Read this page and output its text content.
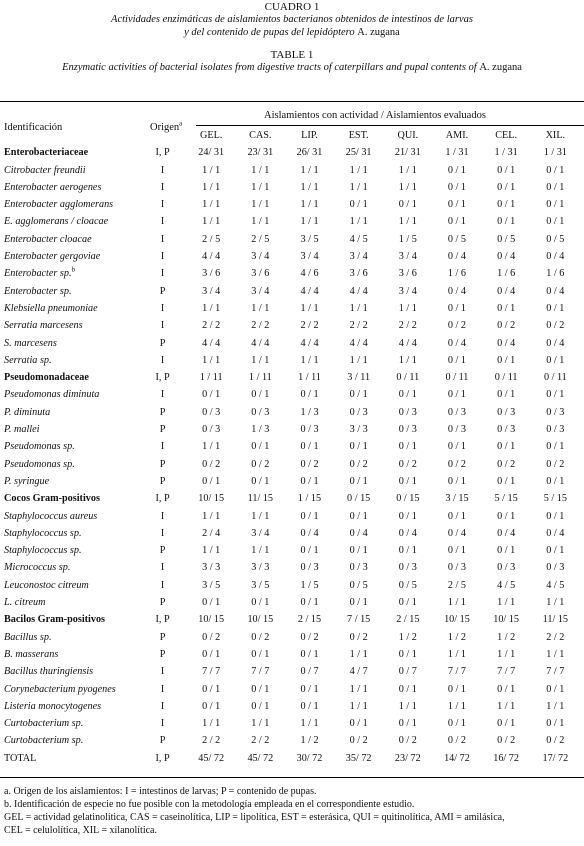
CUADRO 1
Actividades enzimáticas de aislamientos bacterianos obtenidos de intestinos de larvas
y del contenido de pupas del lepidóptero A. zugana
TABLE 1
Enzymatic activities of bacterial isolates from digestive tracts of caterpillars and pupal contents of A. zugana
Aislamientos con actividad / Aislamientos evaluados
Identificación	Origen$^a$
		GEL.	CAS.	LIP.	EST.	QUI.	AMI.	CEL.	XIL.
Enterobacteriaceae	I, P	24/ 31	23/ 31	26/ 31	25/ 31	21/ 31	1 / 31	1 / 31	1 / 31
Citrobacter freundii	I	1 / 1	1 / 1	1 / 1	1 / 1	1 / 1	0 / 1	0 / 1	0 / 1
Enterobacter aerogenes	I	1 / 1	1 / 1	1 / 1	1 / 1	1 / 1	0 / 1	0 / 1	0 / 1
Enterobacter agglomerans	I	1 / 1	1 / 1	1 / 1	0 / 1	0 / 1	0 / 1	0 / 1	0 / 1
E. agglomerans / cloacae	I	1 / 1	1 / 1	1 / 1	1 / 1	1 / 1	0 / 1	0 / 1	0 / 1
Enterobacter cloacae	I	2 / 5	2 / 5	3 / 5	4 / 5	1 / 5	0 / 5	0 / 5	0 / 5
Enterobacter gergoviae	I	4 / 4	3 / 4	3 / 4	3 / 4	3 / 4	0 / 4	0 / 4	0 / 4
Enterobacter sp.$^b$	I	3 / 6	3 / 6	4 / 6	3 / 6	3 / 6	1 / 6	1 / 6	1 / 6
Enterobacter sp.	P	3 / 4	3 / 4	4 / 4	4 / 4	3 / 4	0 / 4	0 / 4	0 / 4
Klebsiella pneumoniae	I	1 / 1	1 / 1	1 / 1	1 / 1	1 / 1	0 / 1	0 / 1	0 / 1
Serratia marcesens	I	2 / 2	2 / 2	2 / 2	2 / 2	2 / 2	0 / 2	0 / 2	0 / 2
S. marcesens	P	4 / 4	4 / 4	4 / 4	4 / 4	4 / 4	0 / 4	0 / 4	0 / 4
Serratia sp.	I	1 / 1	1 / 1	1 / 1	1 / 1	1 / 1	0 / 1	0 / 1	0 / 1
Pseudomonadaceae	I, P	1 / 11	1 / 11	1 / 11	3 / 11	0 / 11	0 / 11	0 / 11	0 / 11
Pseudomonas diminuta	I	0 / 1	0 / 1	0 / 1	0 / 1	0 / 1	0 / 1	0 / 1	0 / 1
P. diminuta	P	0 / 3	0 / 3	1 / 3	0 / 3	0 / 3	0 / 3	0 / 3	0 / 3
P. mallei	P	0 / 3	1 / 3	0 / 3	3 / 3	0 / 3	0 / 3	0 / 3	0 / 3
Pseudomonas sp.	I	1 / 1	0 / 1	0 / 1	0 / 1	0 / 1	0 / 1	0 / 1	0 / 1
Pseudomonas sp.	P	0 / 2	0 / 2	0 / 2	0 / 2	0 / 2	0 / 2	0 / 2	0 / 2
P. syringue	P	0 / 1	0 / 1	0 / 1	0 / 1	0 / 1	0 / 1	0 / 1	0 / 1
Cocos Gram-positivos	I, P	10/ 15	11/ 15	1 / 15	0 / 15	0 / 15	3 / 15	5 / 15	5 / 15
Staphylococcus aureus	I	1 / 1	1 / 1	0 / 1	0 / 1	0 / 1	0 / 1	0 / 1	0 / 1
Staphylococcus sp.	I	2 / 4	3 / 4	0 / 4	0 / 4	0 / 4	0 / 4	0 / 4	0 / 4
Staphylococcus sp.	P	1 / 1	1 / 1	0 / 1	0 / 1	0 / 1	0 / 1	0 / 1	0 / 1
Micrococcus sp.	I	3 / 3	3 / 3	0 / 3	0 / 3	0 / 3	0 / 3	0 / 3	0 / 3
Leuconostoc citreum	I	3 / 5	3 / 5	1 / 5	0 / 5	0 / 5	2 / 5	4 / 5	4 / 5
L. citreum	P	0 / 1	0 / 1	0 / 1	0 / 1	0 / 1	1 / 1	1 / 1	1 / 1
Bacilos Gram-positivos	I, P	10/ 15	10/ 15	2 / 15	7 / 15	2 / 15	10/ 15	10/ 15	11/ 15
Bacillus sp.	P	0 / 2	0 / 2	0 / 2	0 / 2	1 / 2	1 / 2	1 / 2	2 / 2
B. masserans	P	0 / 1	0 / 1	0 / 1	1 / 1	0 / 1	1 / 1	1 / 1	1 / 1
Bacillus thuringiensis	I	7 / 7	7 / 7	0 / 7	4 / 7	0 / 7	7 / 7	7 / 7	7 / 7
Corynebacterium pyogenes	I	0 / 1	0 / 1	0 / 1	1 / 1	0 / 1	0 / 1	0 / 1	0 / 1
Listeria monocytogenes	I	0 / 1	0 / 1	0 / 1	1 / 1	1 / 1	1 / 1	1 / 1	1 / 1
Curtobacterium sp.	I	1 / 1	1 / 1	1 / 1	0 / 1	0 / 1	0 / 1	0 / 1	0 / 1
Curtobacterium sp.	P	2 / 2	2 / 2	1 / 2	0 / 2	0 / 2	0 / 2	0 / 2	0 / 2
TOTAL	I, P	45/ 72	45/ 72	30/ 72	35/ 72	23/ 72	14/ 72	16/ 72	17/ 72
a. Origen de los aislamientos: I = intestinos de larvas; P = contenido de pupas.
b. Identificación de especie no fue posible con la metodología empleada en el correspondiente estudio.
GEL = actividad gelatinolítica, CAS = caseinolítica, LIP = lipolítica, EST = esterásica, QUI = quitinolítica, AMI = amilásica,
CEL = celulolítica, XIL = xilanolítica.
